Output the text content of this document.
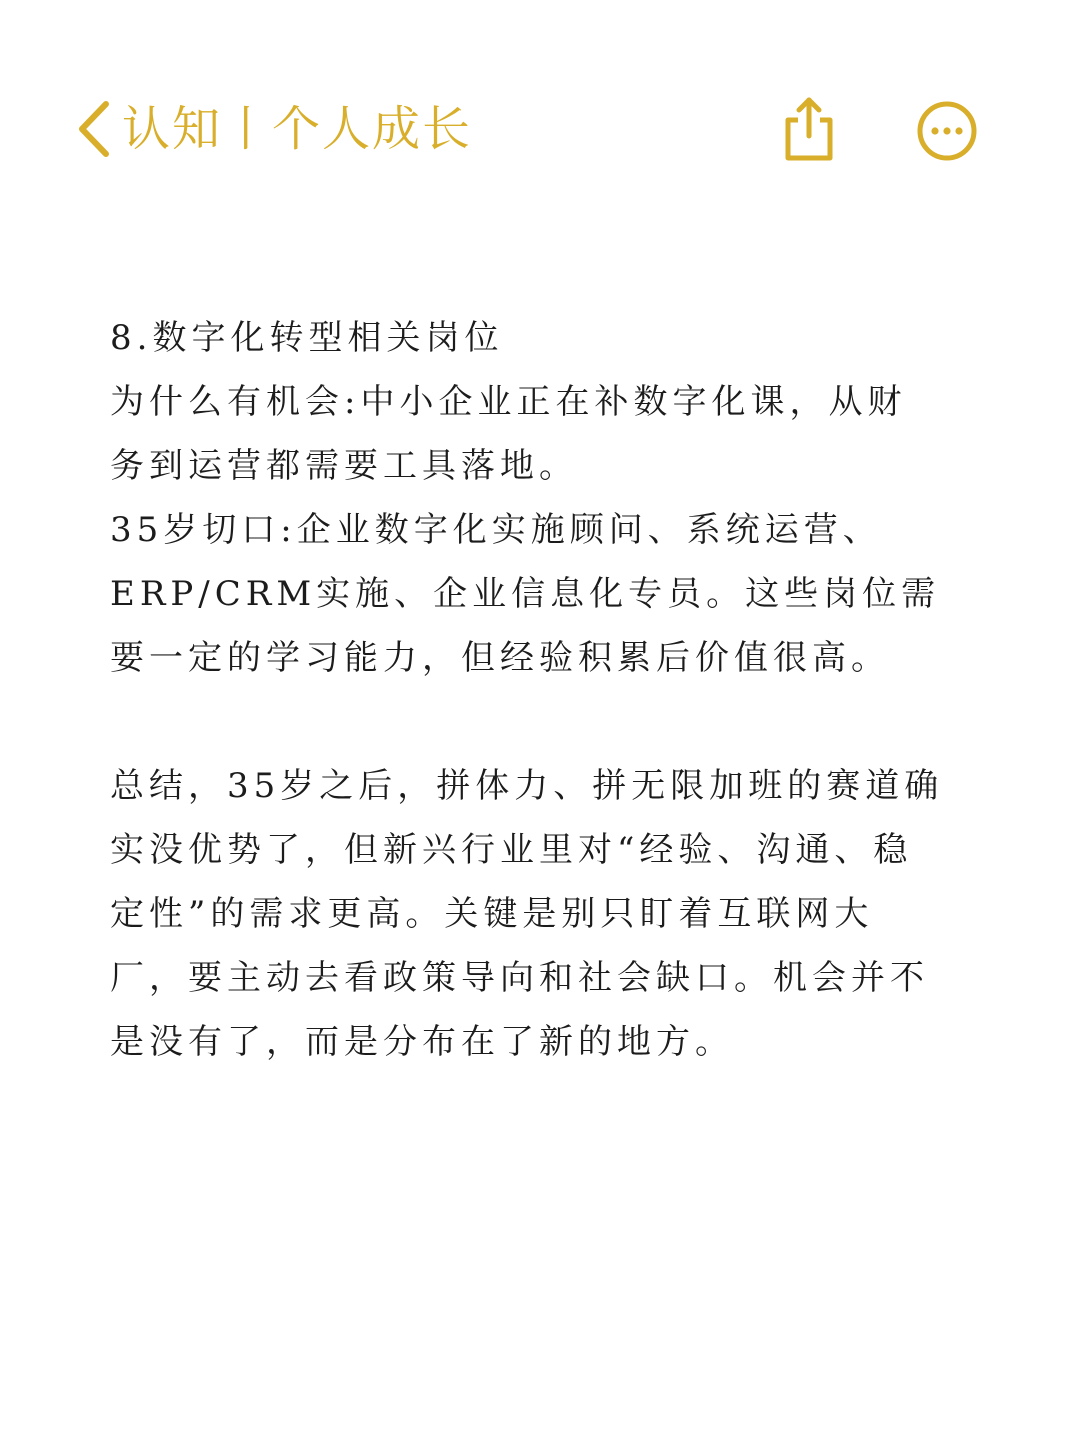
认知丨个人成长

8.数字化转型相关岗位

为什么有机会:中小企业正在补数字化课，从财
务到运营都需要工具落地。

35岁切口:企业数字化实施顾问、系统运营、
ERP/CRM实施、企业信息化专员。这些岗位需
要一定的学习能力，但经验积累后价值很高。

总结，35岁之后，拼体力、拼无限加班的赛道确
实没优势了，但新兴行业里对“经验、沟通、稳
定性”的需求更高。关键是别只盯着互联网大
厂，要主动去看政策导向和社会缺口。机会并不
是没有了，而是分布在了新的地方。
